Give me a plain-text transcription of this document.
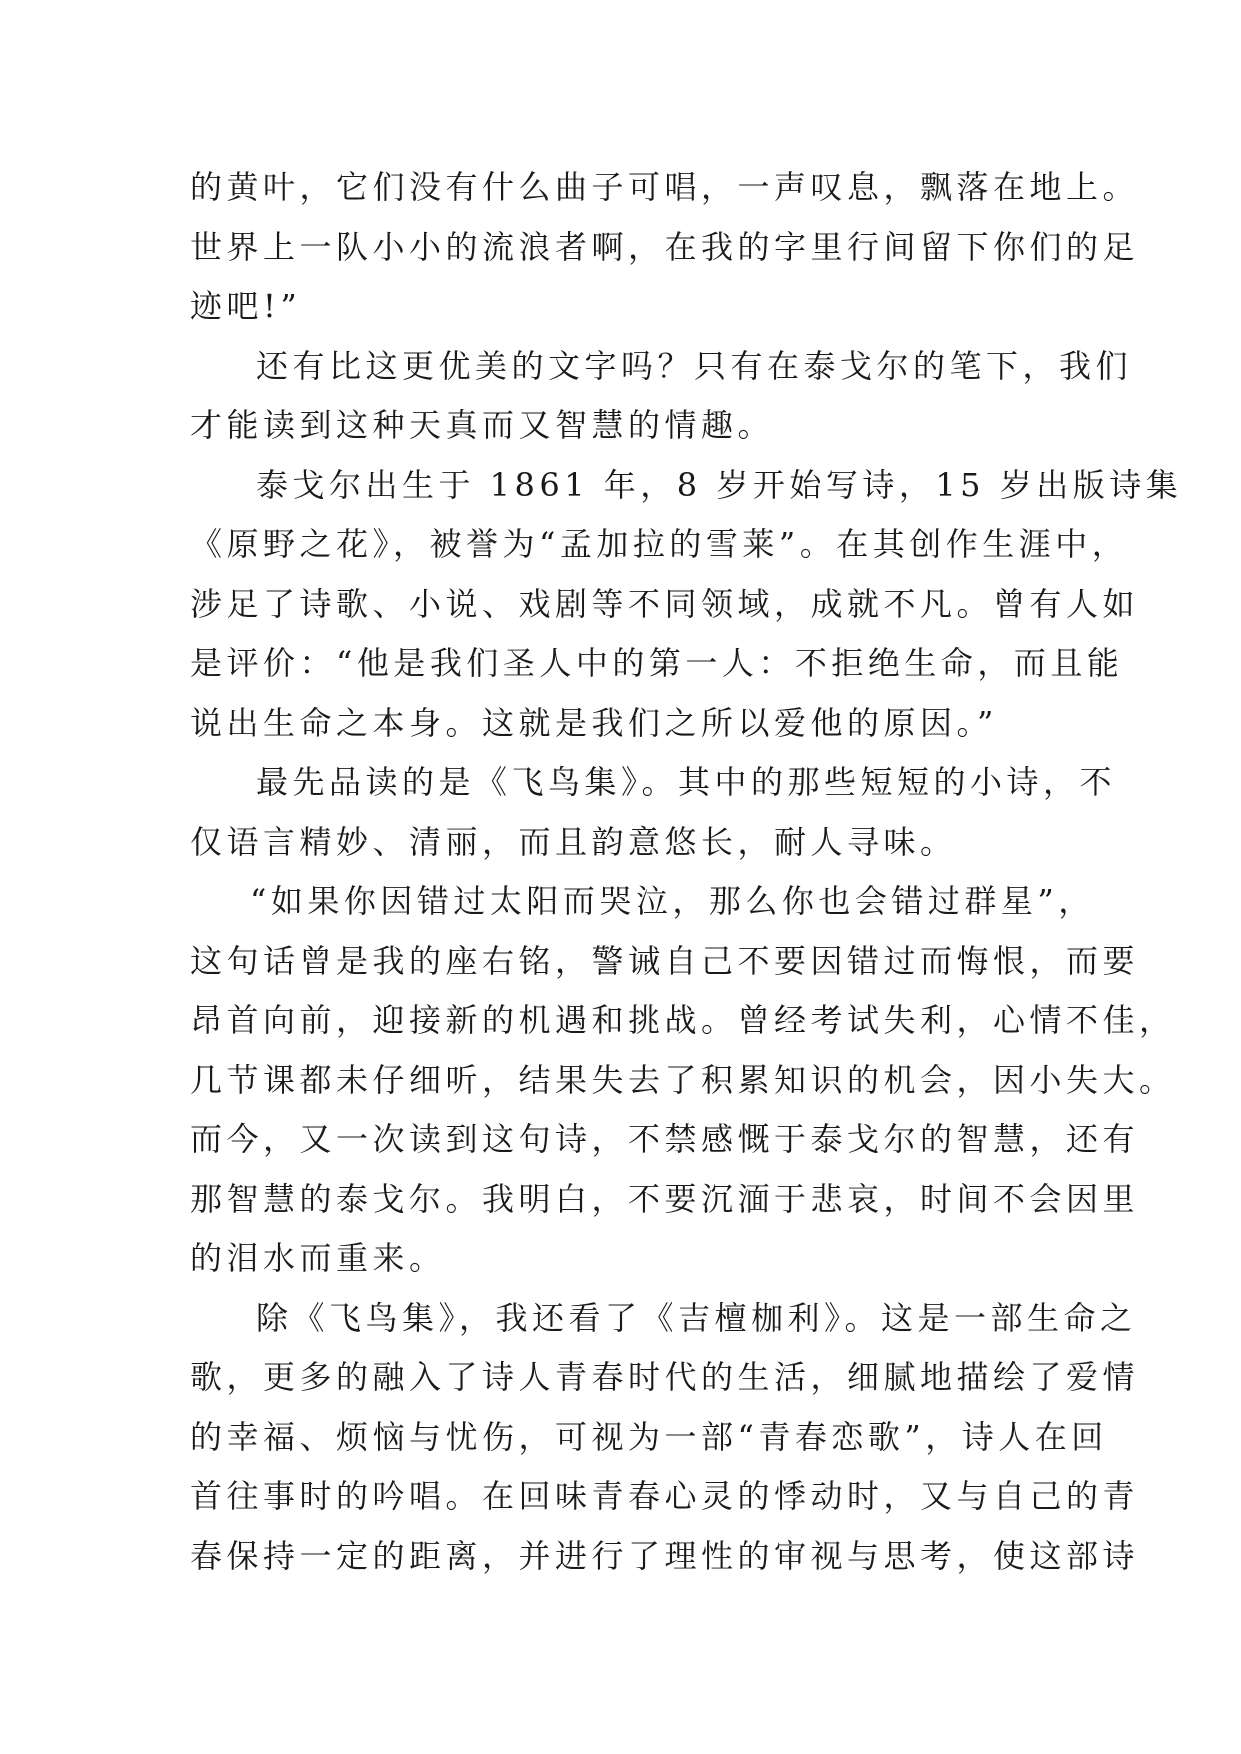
的黄叶，它们没有什么曲子可唱，一声叹息，飘落在地上。
世界上一队小小的流浪者啊，在我的字里行间留下你们的足
迹吧!”
还有比这更优美的文字吗？只有在泰戈尔的笔下，我们
才能读到这种天真而又智慧的情趣。
泰戈尔出生于 1861 年，8 岁开始写诗，15 岁出版诗集
《原野之花》，被誉为“孟加拉的雪莱”。在其创作生涯中，
涉足了诗歌、小说、戏剧等不同领域，成就不凡。曾有人如
是评价：“他是我们圣人中的第一人：不拒绝生命，而且能
说出生命之本身。这就是我们之所以爱他的原因。”
最先品读的是《飞鸟集》。其中的那些短短的小诗，不
仅语言精妙、清丽，而且韵意悠长，耐人寻味。
“如果你因错过太阳而哭泣，那么你也会错过群星”，
这句话曾是我的座右铭，警诫自己不要因错过而悔恨，而要
昂首向前，迎接新的机遇和挑战。曾经考试失利，心情不佳，
几节课都未仔细听，结果失去了积累知识的机会，因小失大。
而今，又一次读到这句诗，不禁感慨于泰戈尔的智慧，还有
那智慧的泰戈尔。我明白，不要沉湎于悲哀，时间不会因里
的泪水而重来。
除《飞鸟集》，我还看了《吉檀枷利》。这是一部生命之
歌，更多的融入了诗人青春时代的生活，细腻地描绘了爱情
的幸福、烦恼与忧伤，可视为一部“青春恋歌”，诗人在回
首往事时的吟唱。在回味青春心灵的悸动时，又与自己的青
春保持一定的距离，并进行了理性的审视与思考，使这部诗
